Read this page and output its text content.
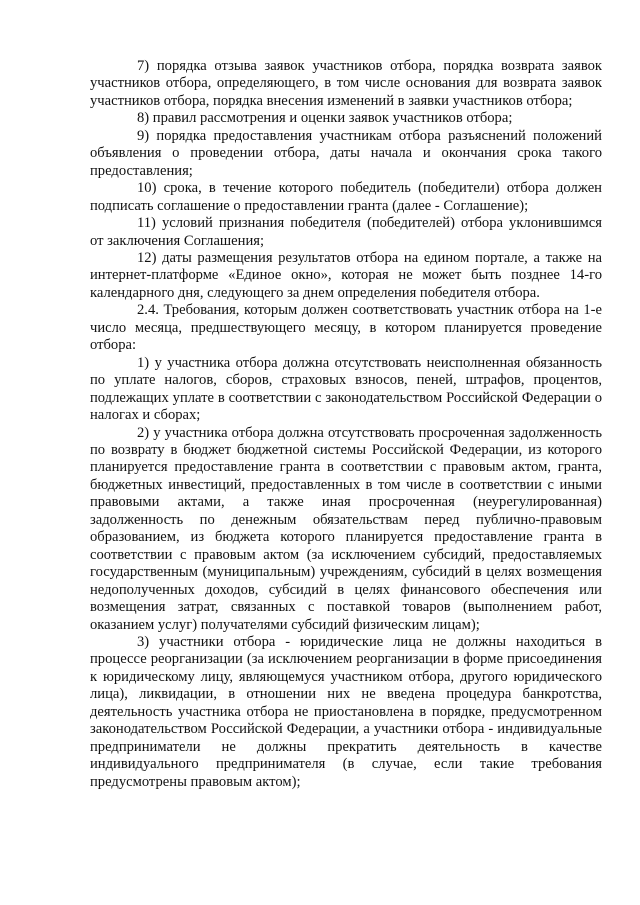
7) порядка отзыва заявок участников отбора, порядка возврата заявок участников отбора, определяющего, в том числе основания для возврата заявок участников отбора, порядка внесения изменений в заявки участников отбора;

8) правил рассмотрения и оценки заявок участников отбора;

9) порядка предоставления участникам отбора разъяснений положений объявления о проведении отбора, даты начала и окончания срока такого предоставления;

10) срока, в течение которого победитель (победители) отбора должен подписать соглашение о предоставлении гранта (далее - Соглашение);

11) условий признания победителя (победителей) отбора уклонившимся от заключения Соглашения;

12) даты размещения результатов отбора на едином портале, а также на интернет-платформе «Единое окно», которая не может быть позднее 14-го календарного дня, следующего за днем определения победителя отбора.

2.4. Требования, которым должен соответствовать участник отбора на 1-е число месяца, предшествующего месяцу, в котором планируется проведение отбора:

1) у участника отбора должна отсутствовать неисполненная обязанность по уплате налогов, сборов, страховых взносов, пеней, штрафов, процентов, подлежащих уплате в соответствии с законодательством Российской Федерации о налогах и сборах;

2) у участника отбора должна отсутствовать просроченная задолженность по возврату в бюджет бюджетной системы Российской Федерации, из которого планируется предоставление гранта в соответствии с правовым актом, гранта, бюджетных инвестиций, предоставленных в том числе в соответствии с иными правовыми актами, а также иная просроченная (неурегулированная) задолженность по денежным обязательствам перед публично-правовым образованием, из бюджета которого планируется предоставление гранта в соответствии с правовым актом (за исключением субсидий, предоставляемых государственным (муниципальным) учреждениям, субсидий в целях возмещения недополученных доходов, субсидий в целях финансового обеспечения или возмещения затрат, связанных с поставкой товаров (выполнением работ, оказанием услуг) получателями субсидий физическим лицам);

3) участники отбора - юридические лица не должны находиться в процессе реорганизации (за исключением реорганизации в форме присоединения к юридическому лицу, являющемуся участником отбора, другого юридического лица), ликвидации, в отношении них не введена процедура банкротства, деятельность участника отбора не приостановлена в порядке, предусмотренном законодательством Российской Федерации, а участники отбора - индивидуальные предприниматели не должны прекратить деятельность в качестве индивидуального предпринимателя (в случае, если такие требования предусмотрены правовым актом);
